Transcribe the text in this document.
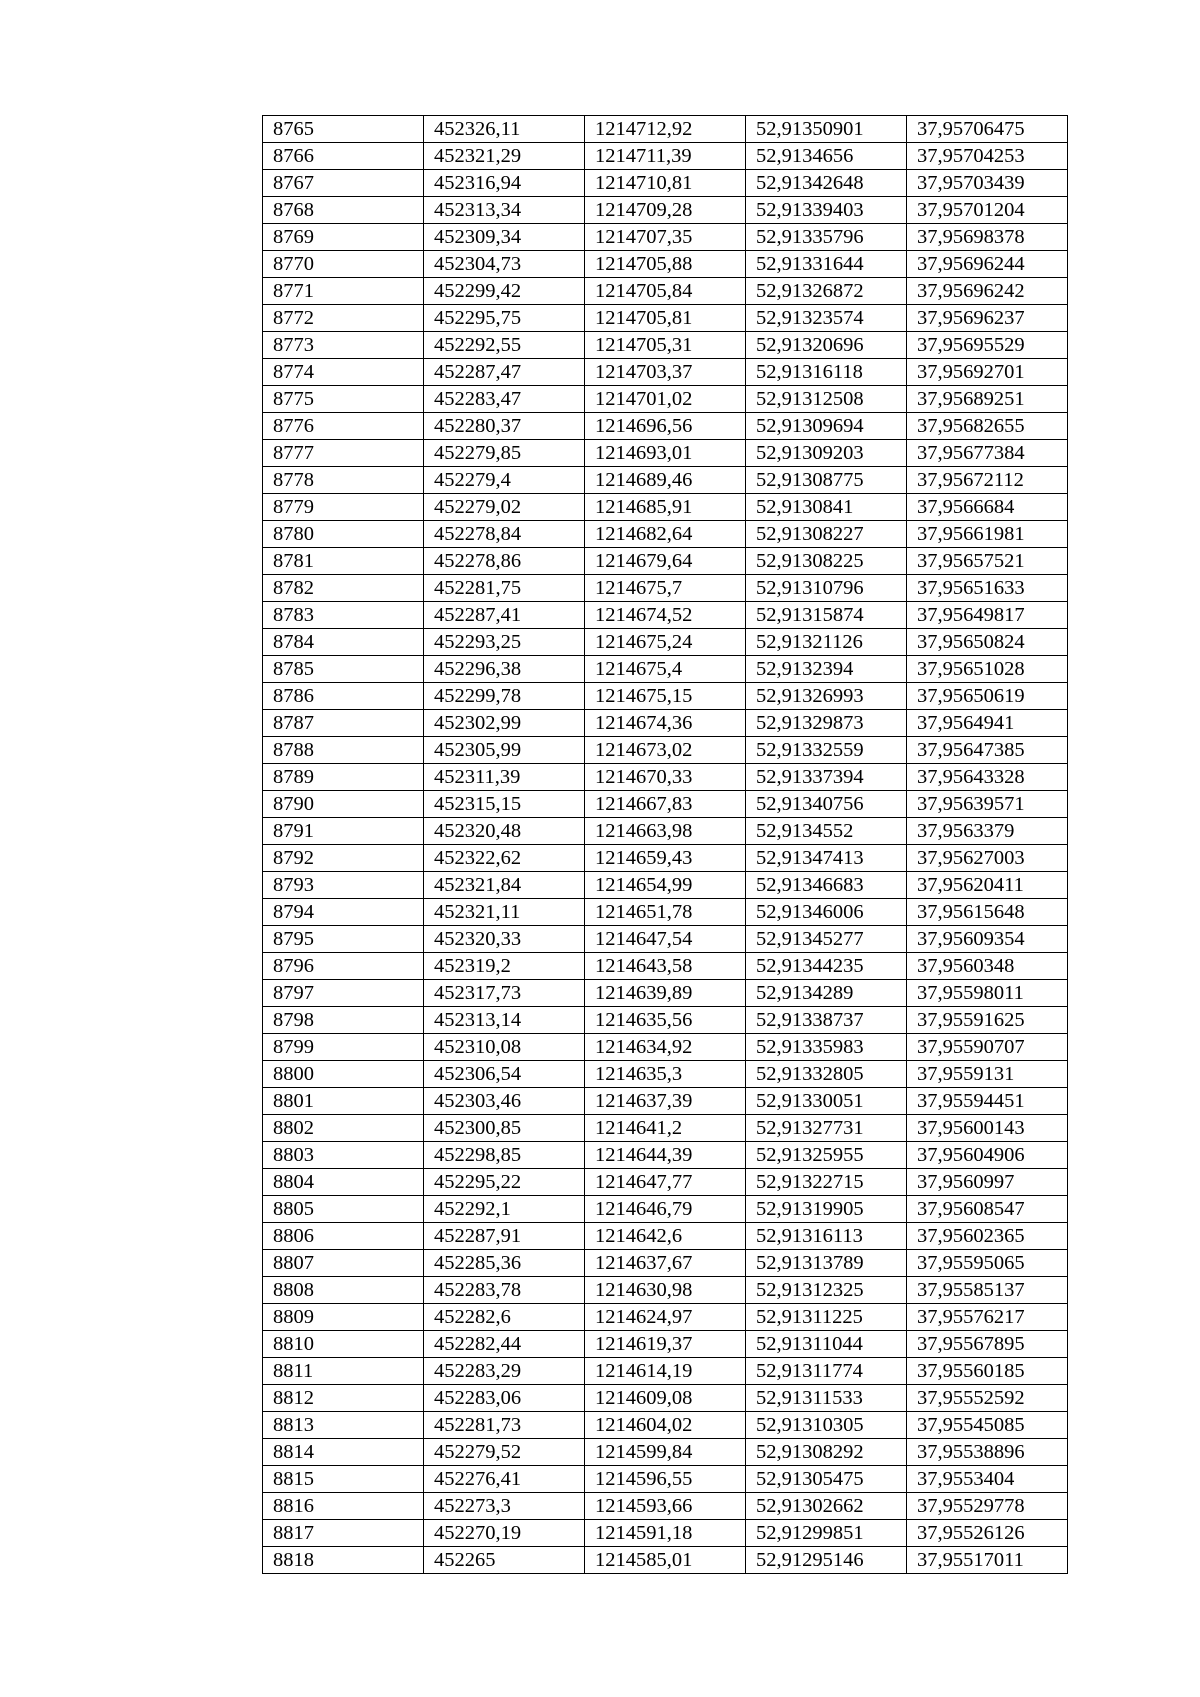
8765	452326,11	1214712,92	52,91350901	37,95706475
8766	452321,29	1214711,39	52,9134656	37,95704253
8767	452316,94	1214710,81	52,91342648	37,95703439
8768	452313,34	1214709,28	52,91339403	37,95701204
8769	452309,34	1214707,35	52,91335796	37,95698378
8770	452304,73	1214705,88	52,91331644	37,95696244
8771	452299,42	1214705,84	52,91326872	37,95696242
8772	452295,75	1214705,81	52,91323574	37,95696237
8773	452292,55	1214705,31	52,91320696	37,95695529
8774	452287,47	1214703,37	52,91316118	37,95692701
8775	452283,47	1214701,02	52,91312508	37,95689251
8776	452280,37	1214696,56	52,91309694	37,95682655
8777	452279,85	1214693,01	52,91309203	37,95677384
8778	452279,4	1214689,46	52,91308775	37,95672112
8779	452279,02	1214685,91	52,9130841	37,9566684
8780	452278,84	1214682,64	52,91308227	37,95661981
8781	452278,86	1214679,64	52,91308225	37,95657521
8782	452281,75	1214675,7	52,91310796	37,95651633
8783	452287,41	1214674,52	52,91315874	37,95649817
8784	452293,25	1214675,24	52,91321126	37,95650824
8785	452296,38	1214675,4	52,9132394	37,95651028
8786	452299,78	1214675,15	52,91326993	37,95650619
8787	452302,99	1214674,36	52,91329873	37,9564941
8788	452305,99	1214673,02	52,91332559	37,95647385
8789	452311,39	1214670,33	52,91337394	37,95643328
8790	452315,15	1214667,83	52,91340756	37,95639571
8791	452320,48	1214663,98	52,9134552	37,9563379
8792	452322,62	1214659,43	52,91347413	37,95627003
8793	452321,84	1214654,99	52,91346683	37,95620411
8794	452321,11	1214651,78	52,91346006	37,95615648
8795	452320,33	1214647,54	52,91345277	37,95609354
8796	452319,2	1214643,58	52,91344235	37,9560348
8797	452317,73	1214639,89	52,9134289	37,95598011
8798	452313,14	1214635,56	52,91338737	37,95591625
8799	452310,08	1214634,92	52,91335983	37,95590707
8800	452306,54	1214635,3	52,91332805	37,9559131
8801	452303,46	1214637,39	52,91330051	37,95594451
8802	452300,85	1214641,2	52,91327731	37,95600143
8803	452298,85	1214644,39	52,91325955	37,95604906
8804	452295,22	1214647,77	52,91322715	37,9560997
8805	452292,1	1214646,79	52,91319905	37,95608547
8806	452287,91	1214642,6	52,91316113	37,95602365
8807	452285,36	1214637,67	52,91313789	37,95595065
8808	452283,78	1214630,98	52,91312325	37,95585137
8809	452282,6	1214624,97	52,91311225	37,95576217
8810	452282,44	1214619,37	52,91311044	37,95567895
8811	452283,29	1214614,19	52,91311774	37,95560185
8812	452283,06	1214609,08	52,91311533	37,95552592
8813	452281,73	1214604,02	52,91310305	37,95545085
8814	452279,52	1214599,84	52,91308292	37,95538896
8815	452276,41	1214596,55	52,91305475	37,9553404
8816	452273,3	1214593,66	52,91302662	37,95529778
8817	452270,19	1214591,18	52,91299851	37,95526126
8818	452265	1214585,01	52,91295146	37,95517011
